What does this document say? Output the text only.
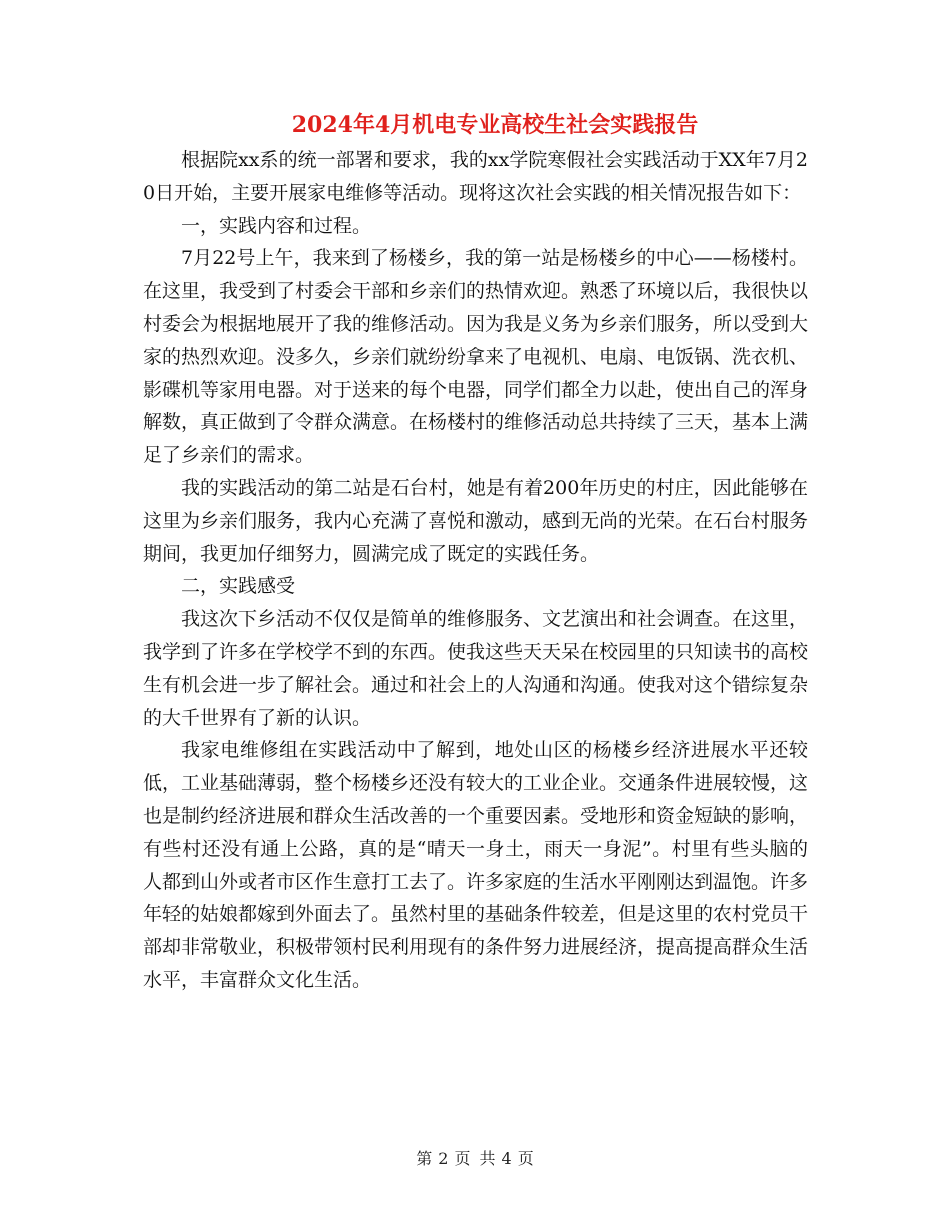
2024年4月机电专业高校生社会实践报告

根据院xx系的统一部署和要求，我的xx学院寒假社会实践活动于XX年7月20日开始，主要开展家电维修等活动。现将这次社会实践的相关情况报告如下：

一，实践内容和过程。

7月22号上午，我来到了杨楼乡，我的第一站是杨楼乡的中心——杨楼村。在这里，我受到了村委会干部和乡亲们的热情欢迎。熟悉了环境以后，我很快以村委会为根据地展开了我的维修活动。因为我是义务为乡亲们服务，所以受到大家的热烈欢迎。没多久，乡亲们就纷纷拿来了电视机、电扇、电饭锅、洗衣机、影碟机等家用电器。对于送来的每个电器，同学们都全力以赴，使出自己的浑身解数，真正做到了令群众满意。在杨楼村的维修活动总共持续了三天，基本上满足了乡亲们的需求。

我的实践活动的第二站是石台村，她是有着200年历史的村庄，因此能够在这里为乡亲们服务，我内心充满了喜悦和激动，感到无尚的光荣。在石台村服务期间，我更加仔细努力，圆满完成了既定的实践任务。

二，实践感受

我这次下乡活动不仅仅是简单的维修服务、文艺演出和社会调查。在这里，我学到了许多在学校学不到的东西。使我这些天天呆在校园里的只知读书的高校生有机会进一步了解社会。通过和社会上的人沟通和沟通。使我对这个错综复杂的大千世界有了新的认识。

我家电维修组在实践活动中了解到，地处山区的杨楼乡经济进展水平还较低，工业基础薄弱，整个杨楼乡还没有较大的工业企业。交通条件进展较慢，这也是制约经济进展和群众生活改善的一个重要因素。受地形和资金短缺的影响，有些村还没有通上公路，真的是“晴天一身土，雨天一身泥”。村里有些头脑的人都到山外或者市区作生意打工去了。许多家庭的生活水平刚刚达到温饱。许多年轻的姑娘都嫁到外面去了。虽然村里的基础条件较差，但是这里的农村党员干部却非常敬业，积极带领村民利用现有的条件努力进展经济，提高提高群众生活水平，丰富群众文化生活。

第 2 页 共 4 页
